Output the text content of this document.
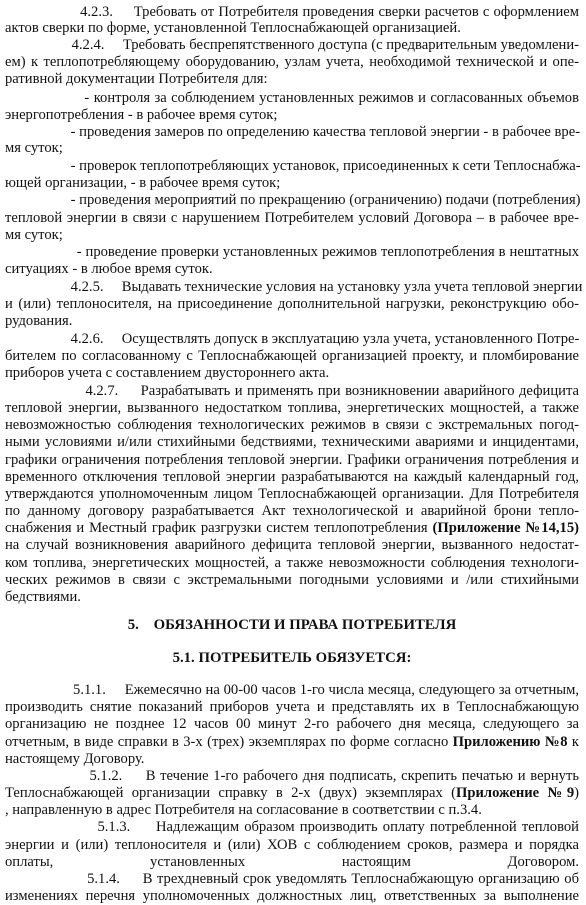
4.2.3.     Требовать от Потребителя проведения сверки расчетов с оформлением
актов сверки по форме, установленной Теплоснабжающей организацией.
4.2.4.     Требовать беспрепятственного доступа (с предварительным уведомлени-
ем) к теплопотребляющему оборудованию, узлам учета, необходимой технической и опе-
ративной документации Потребителя для:
- контроля за соблюдением установленных режимов и согласованных объемов
энергопотребления - в рабочее время суток;
- проведения замеров по определению качества тепловой энергии - в рабочее вре-
мя суток;
- проверок теплопотребляющих установок, присоединенных к сети Теплоснабжа-
ющей организации, - в рабочее время суток;
- проведения мероприятий по прекращению (ограничению) подачи (потребления)
тепловой энергии в связи с нарушением Потребителем условий Договора – в рабочее вре-
мя суток;
- проведение проверки установленных режимов теплопотребления в нештатных
ситуациях - в любое время суток.
4.2.5.     Выдавать технические условия на установку узла учета тепловой энергии
и (или) теплоносителя, на присоединение дополнительной нагрузки, реконструкцию обо-
рудования.
4.2.6.     Осуществлять допуск в эксплуатацию узла учета, установленного Потре-
бителем по согласованному с Теплоснабжающей организацией проекту, и пломбирование
приборов учета с составлением двустороннего акта.
4.2.7.     Разрабатывать и применять при возникновении аварийного дефицита
тепловой энергии, вызванного недостатком топлива, энергетических мощностей, а также
невозможностью соблюдения технологических режимов в связи с экстремальных погод-
ными условиями и/или стихийными бедствиями, техническими авариями и инцидентами,
графики ограничения потребления тепловой энергии. Графики ограничения потребления и
временного отключения тепловой энергии разрабатываются на каждый календарный год,
утверждаются уполномоченным лицом Теплоснабжающей организации. Для Потребителя
по данному договору разрабатывается Акт технологической и аварийной брони тепло-
снабжения и Местный график разгрузки систем теплопотребления (Приложение №14,15)
на случай возникновения аварийного дефицита тепловой энергии, вызванного недостат-
ком топлива, энергетических мощностей, а также невозможности соблюдения технологи-
ческих режимов в связи с экстремальными погодными условиями и /или стихийными
бедствиями.
5.    ОБЯЗАННОСТИ И ПРАВА ПОТРЕБИТЕЛЯ
5.1. ПОТРЕБИТЕЛЬ ОБЯЗУЕТСЯ:
5.1.1.     Ежемесячно на 00-00 часов 1-го числа месяца, следующего за отчетным,
производить снятие показаний приборов учета и представлять их в Теплоснабжающую
организацию не позднее 12 часов 00 минут 2-го рабочего дня месяца, следующего за
отчетным, в виде справки в 3-х (трех) экземплярах по форме согласно Приложению №8 к
настоящему Договору.
5.1.2.     В течение 1-го рабочего дня подписать, скрепить печатью и вернуть
Теплоснабжающей организации справку в 2-х (двух) экземплярах (Приложение №9)
, направленную в адрес Потребителя на согласование в соответствии с п.3.4.
5.1.3.     Надлежащим образом производить оплату потребленной тепловой
энергии и (или) теплоносителя и (или) ХОВ с соблюдением сроков, размера и порядка
оплаты, установленных настоящим Договором.
5.1.4.     В трехдневный срок уведомлять Теплоснабжающую организацию об
изменениях перечня уполномоченных должностных лиц, ответственных за выполнение
